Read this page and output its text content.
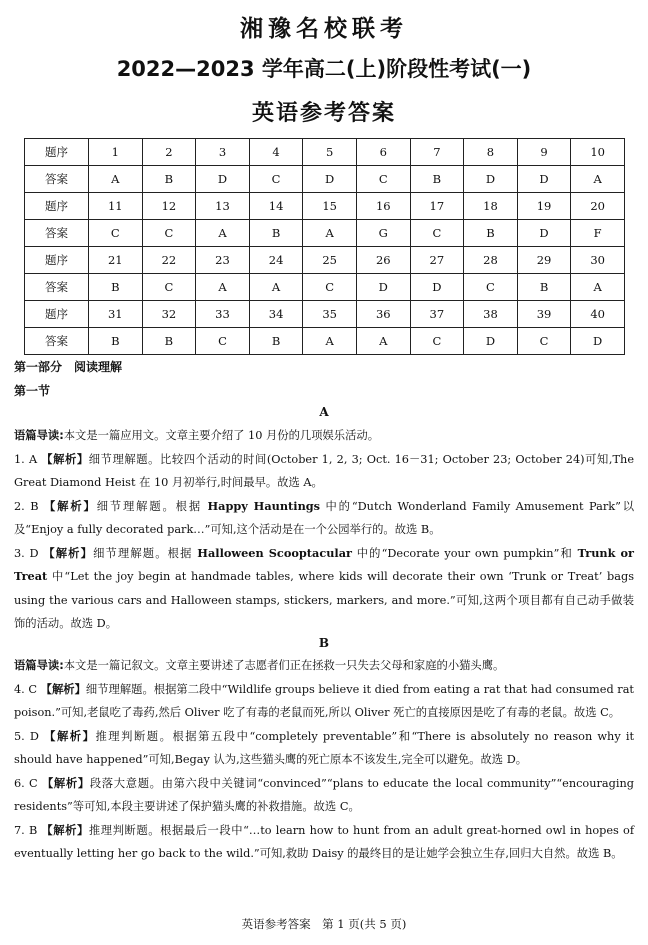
湘豫名校联考
2022—2023 学年高二(上)阶段性考试(一)
英语参考答案
题序	1	2	3	4	5	6	7	8	9	10
答案	A	B	D	C	D	C	B	D	D	A
题序	11	12	13	14	15	16	17	18	19	20
答案	C	C	A	B	A	G	C	B	D	F
题序	21	22	23	24	25	26	27	28	29	30
答案	B	C	A	A	C	D	D	C	B	A
题序	31	32	33	34	35	36	37	38	39	40
答案	B	B	C	B	A	A	C	D	C	D
第一部分　阅读理解
第一节
A

语篇导读:本文是一篇应用文。文章主要介绍了 10 月份的几项娱乐活动。

1. A 【解析】细节理解题。比较四个活动的时间(October 1, 2, 3; Oct. 16－31; October 23; October 24)可知,The Great Diamond Heist 在 10 月初举行,时间最早。故选 A。

2. B 【解析】细节理解题。根据 Happy Hauntings 中的“Dutch Wonderland Family Amusement Park”以及“Enjoy a fully decorated park…”可知,这个活动是在一个公园举行的。故选 B。

3. D 【解析】细节理解题。根据 Halloween Scooptacular 中的“Decorate your own pumpkin”和 Trunk or Treat 中“Let the joy begin at handmade tables, where kids will decorate their own ‘Trunk or Treat’ bags using the various cars and Halloween stamps, stickers, markers, and more.”可知,这两个项目都有自己动手做装饰的活动。故选 D。

B

语篇导读:本文是一篇记叙文。文章主要讲述了志愿者们正在拯救一只失去父母和家庭的小猫头鹰。

4. C 【解析】细节理解题。根据第二段中“Wildlife groups believe it died from eating a rat that had consumed rat poison.”可知,老鼠吃了毒药,然后 Oliver 吃了有毒的老鼠而死,所以 Oliver 死亡的直接原因是吃了有毒的老鼠。故选 C。

5. D 【解析】推理判断题。根据第五段中“completely preventable”和“There is absolutely no reason why it should have happened”可知,Begay 认为,这些猫头鹰的死亡原本不该发生,完全可以避免。故选 D。

6. C 【解析】段落大意题。由第六段中关键词“convinced”“plans to educate the local community”“encouraging residents”等可知,本段主要讲述了保护猫头鹰的补救措施。故选 C。

7. B 【解析】推理判断题。根据最后一段中“…to learn how to hunt from an adult great-horned owl in hopes of eventually letting her go back to the wild.”可知,救助 Daisy 的最终目的是让她学会独立生存,回归大自然。故选 B。

英语参考答案　第 1 页(共 5 页)
